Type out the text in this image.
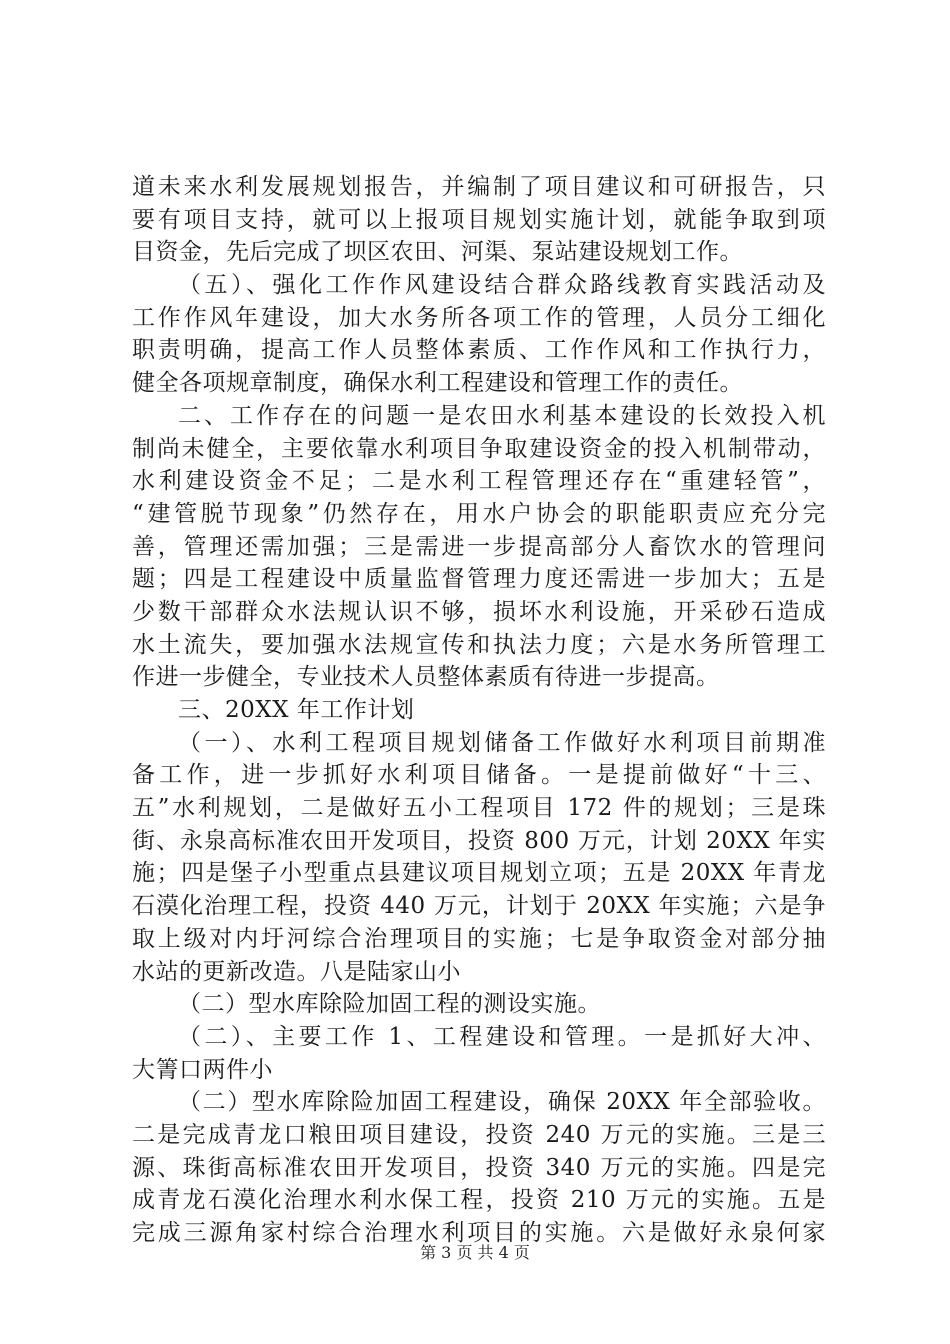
道未来水利发展规划报告，并编制了项目建议和可研报告，只
要有项目支持，就可以上报项目规划实施计划，就能争取到项
目资金，先后完成了坝区农田、河渠、泵站建设规划工作。
（五）、强化工作作风建设结合群众路线教育实践活动及
工作作风年建设，加大水务所各项工作的管理，人员分工细化
职责明确，提高工作人员整体素质、工作作风和工作执行力，
健全各项规章制度，确保水利工程建设和管理工作的责任。
二、工作存在的问题一是农田水利基本建设的长效投入机
制尚未健全，主要依靠水利项目争取建设资金的投入机制带动，
水利建设资金不足；二是水利工程管理还存在“重建轻管”，
“建管脱节现象”仍然存在，用水户协会的职能职责应充分完
善，管理还需加强；三是需进一步提高部分人畜饮水的管理问
题；四是工程建设中质量监督管理力度还需进一步加大；五是
少数干部群众水法规认识不够，损坏水利设施，开采砂石造成
水土流失，要加强水法规宣传和执法力度；六是水务所管理工
作进一步健全，专业技术人员整体素质有待进一步提高。
三、20XX 年工作计划
（一）、水利工程项目规划储备工作做好水利项目前期准
备工作，进一步抓好水利项目储备。一是提前做好“十三、
五”水利规划，二是做好五小工程项目 172 件的规划；三是珠
街、永泉高标准农田开发项目，投资 800 万元，计划 20XX 年实
施；四是堡子小型重点县建议项目规划立项；五是 20XX 年青龙
石漠化治理工程，投资 440 万元，计划于 20XX 年实施；六是争
取上级对内圩河综合治理项目的实施；七是争取资金对部分抽
水站的更新改造。八是陆家山小
（二）型水库除险加固工程的测设实施。
（二）、主要工作 1、工程建设和管理。一是抓好大冲、
大箐口两件小
（二）型水库除险加固工程建设，确保 20XX 年全部验收。
二是完成青龙口粮田项目建设，投资 240 万元的实施。三是三
源、珠街高标准农田开发项目，投资 340 万元的实施。四是完
成青龙石漠化治理水利水保工程，投资 210 万元的实施。五是
完成三源角家村综合治理水利项目的实施。六是做好永泉何家
第 3 页 共 4 页
